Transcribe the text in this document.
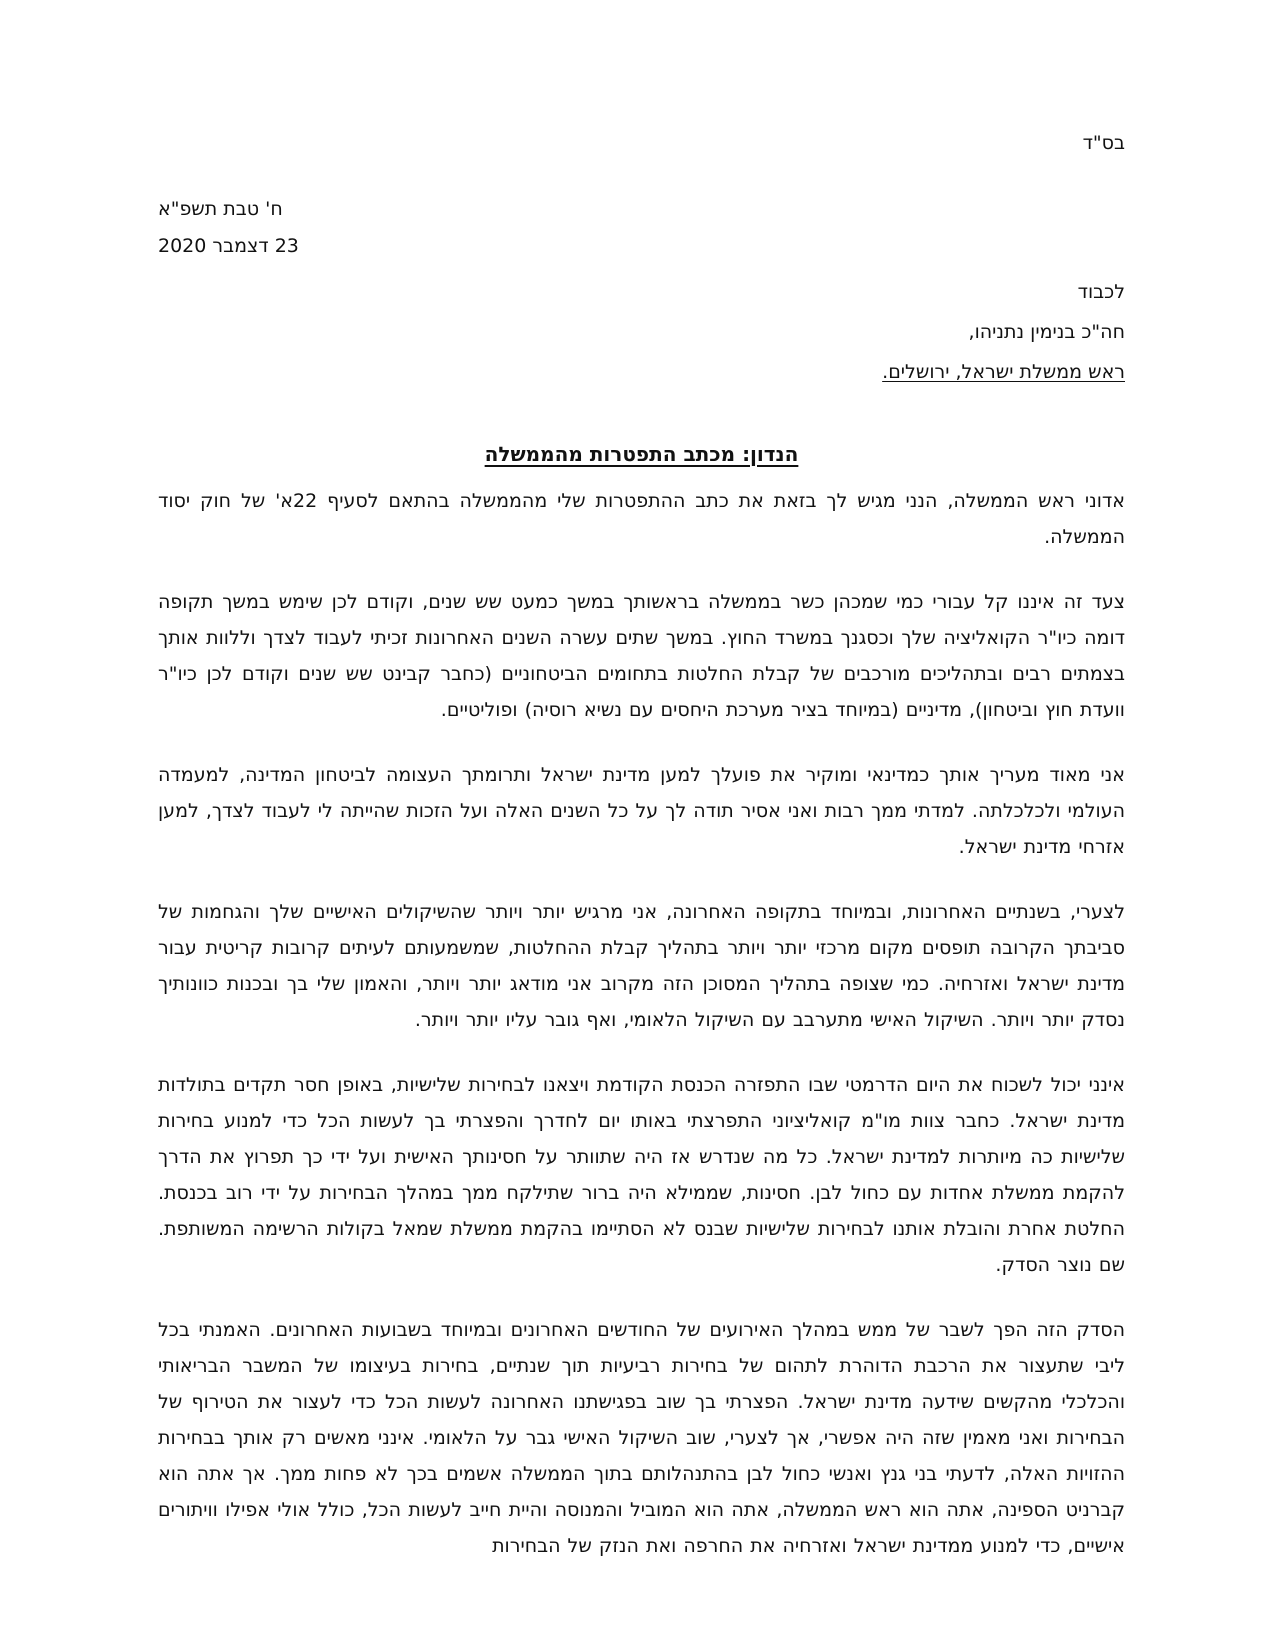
בס"ד
ח' טבת תשפ"א
23 דצמבר 2020
לכבוד
חה"כ בנימין נתניהו,
ראש ממשלת ישראל, ירושלים.
הנדון: מכתב התפטרות מהממשלה

אדוני ראש הממשלה, הנני מגיש לך בזאת את כתב ההתפטרות שלי מהממשלה בהתאם לסעיף 22א' של חוק יסוד הממשלה.

צעד זה איננו קל עבורי כמי שמכהן כשר בממשלה בראשותך במשך כמעט שש שנים, וקודם לכן שימש במשך תקופה דומה כיו"ר הקואליציה שלך וכסגנך במשרד החוץ. במשך שתים עשרה השנים האחרונות זכיתי לעבוד לצדך וללוות אותך בצמתים רבים ובתהליכים מורכבים של קבלת החלטות בתחומים הביטחוניים (כחבר קבינט שש שנים וקודם לכן כיו"ר וועדת חוץ וביטחון), מדיניים (במיוחד בציר מערכת היחסים עם נשיא רוסיה) ופוליטיים.

אני מאוד מעריך אותך כמדינאי ומוקיר את פועלך למען מדינת ישראל ותרומתך העצומה לביטחון המדינה, למעמדה העולמי ולכלכלתה. למדתי ממך רבות ואני אסיר תודה לך על כל השנים האלה ועל הזכות שהייתה לי לעבוד לצדך, למען אזרחי מדינת ישראל.

לצערי, בשנתיים האחרונות, ובמיוחד בתקופה האחרונה, אני מרגיש יותר ויותר שהשיקולים האישיים שלך והגחמות של סביבתך הקרובה תופסים מקום מרכזי יותר ויותר בתהליך קבלת ההחלטות, שמשמעותם לעיתים קרובות קריטית עבור מדינת ישראל ואזרחיה. כמי שצופה בתהליך המסוכן הזה מקרוב אני מודאג יותר ויותר, והאמון שלי בך ובכנות כוונותיך נסדק יותר ויותר. השיקול האישי מתערבב עם השיקול הלאומי, ואף גובר עליו יותר ויותר.

אינני יכול לשכוח את היום הדרמטי שבו התפזרה הכנסת הקודמת ויצאנו לבחירות שלישיות, באופן חסר תקדים בתולדות מדינת ישראל. כחבר צוות מו"מ קואליציוני התפרצתי באותו יום לחדרך והפצרתי בך לעשות הכל כדי למנוע בחירות שלישיות כה מיותרות למדינת ישראל. כל מה שנדרש אז היה שתוותר על חסינותך האישית ועל ידי כך תפרוץ את הדרך להקמת ממשלת אחדות עם כחול לבן. חסינות, שממילא היה ברור שתילקח ממך במהלך הבחירות על ידי רוב בכנסת. החלטת אחרת והובלת אותנו לבחירות שלישיות שבנס לא הסתיימו בהקמת ממשלת שמאל בקולות הרשימה המשותפת. שם נוצר הסדק.

הסדק הזה הפך לשבר של ממש במהלך האירועים של החודשים האחרונים ובמיוחד בשבועות האחרונים. האמנתי בכל ליבי שתעצור את הרכבת הדוהרת לתהום של בחירות רביעיות תוך שנתיים, בחירות בעיצומו של המשבר הבריאותי והכלכלי מהקשים שידעה מדינת ישראל. הפצרתי בך שוב בפגישתנו האחרונה לעשות הכל כדי לעצור את הטירוף של הבחירות ואני מאמין שזה היה אפשרי, אך לצערי, שוב השיקול האישי גבר על הלאומי. אינני מאשים רק אותך בבחירות ההזויות האלה, לדעתי בני גנץ ואנשי כחול לבן בהתנהלותם בתוך הממשלה אשמים בכך לא פחות ממך. אך אתה הוא קברניט הספינה, אתה הוא ראש הממשלה, אתה הוא המוביל והמנוסה והיית חייב לעשות הכל, כולל אולי אפילו וויתורים אישיים, כדי למנוע ממדינת ישראל ואזרחיה את החרפה ואת הנזק של הבחירות
